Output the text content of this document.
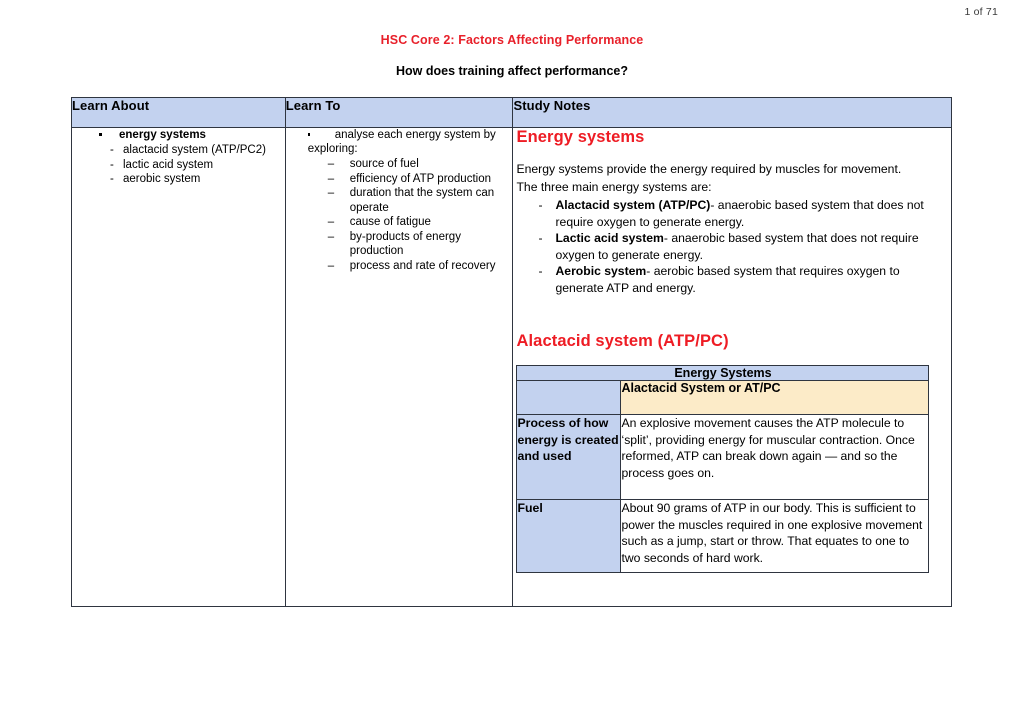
1 of 71
HSC Core 2: Factors Affecting Performance
How does training affect performance?
Learn About	Learn To	Study Notes

energy systems
- alactacid system (ATP/PC2)
- lactic acid system
- aerobic system

analyse each energy system by
exploring:
– source of fuel
– efficiency of ATP production
– duration that the system can operate
– cause of fatigue
– by-products of energy production
– process and rate of recovery

Energy systems
Energy systems provide the energy required by muscles for movement.
The three main energy systems are:
- Alactacid system (ATP/PC)- anaerobic based system that does not require oxygen to generate energy.
- Lactic acid system- anaerobic based system that does not require oxygen to generate energy.
- Aerobic system- aerobic based system that requires oxygen to generate ATP and energy.
Alactacid system (ATP/PC)
Energy Systems
	Alactacid System or AT/PC
Process of how energy is created and used	An explosive movement causes the ATP molecule to ‘split’, providing energy for muscular contraction. Once reformed, ATP can break down again — and so the process goes on.
Fuel	About 90 grams of ATP in our body. This is sufficient to power the muscles required in one explosive movement such as a jump, start or throw. That equates to one to two seconds of hard work.
